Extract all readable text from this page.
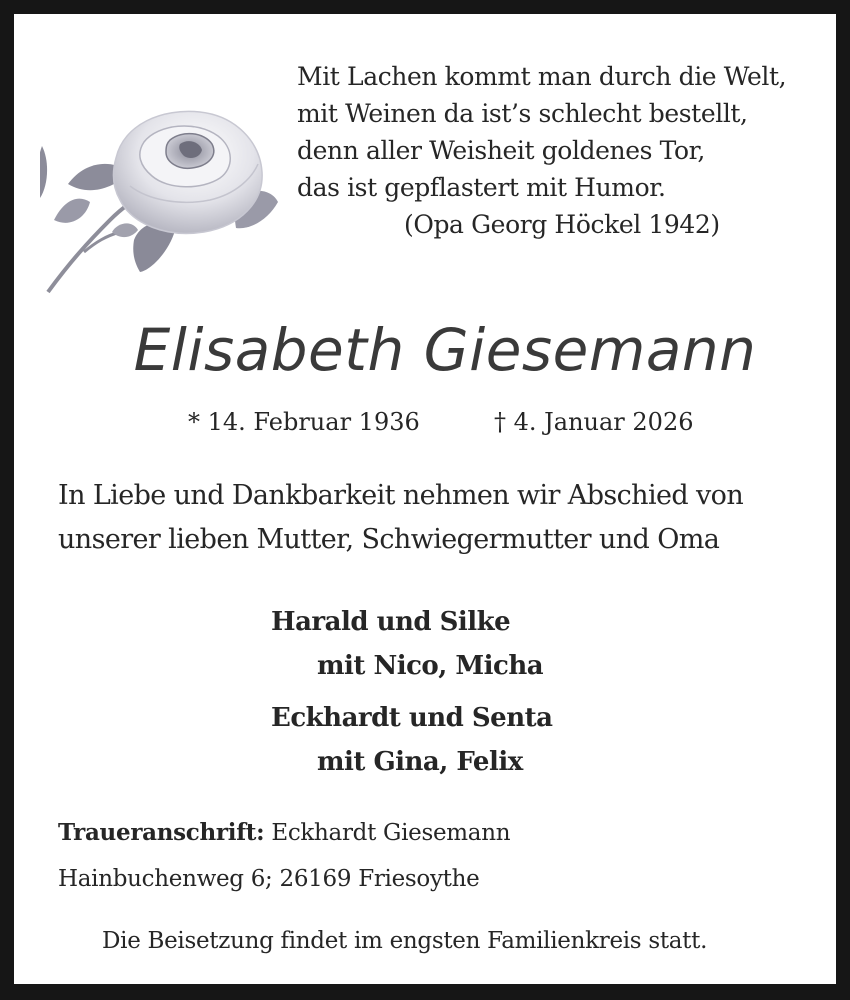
Mit Lachen kommt man durch die Welt,
mit Weinen da ist’s schlecht bestellt,
denn aller Weisheit goldenes Tor,
das ist gepflastert mit Humor.
(Opa Georg Höckel 1942)
Elisabeth Giesemann
* 14. Februar 1936	† 4. Januar 2026
In Liebe und Dankbarkeit nehmen wir Abschied von
unserer lieben Mutter, Schwiegermutter und Oma
Harald und Silke
mit Nico, Micha
Eckhardt und Senta
mit Gina, Felix
Traueranschrift: Eckhardt Giesemann
Hainbuchenweg 6; 26169 Friesoythe
Die Beisetzung findet im engsten Familienkreis statt.
